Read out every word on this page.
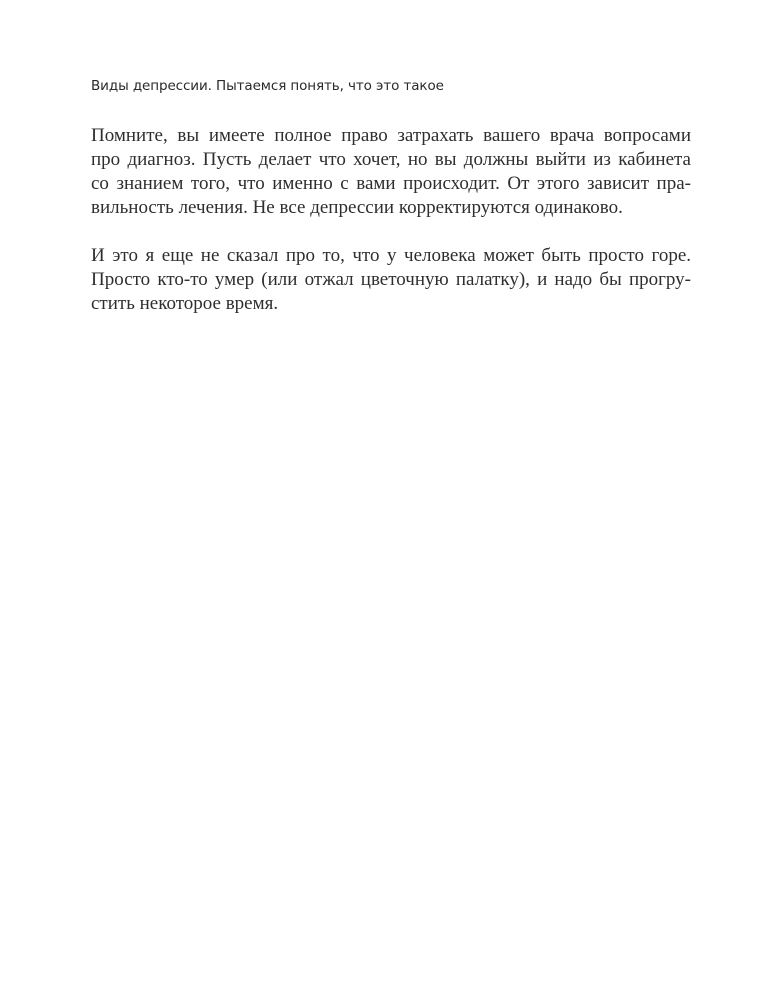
Виды депрессии. Пытаемся понять, что это такое
Помните, вы имеете полное право затрахать вашего врача вопросами
про диагноз. Пусть делает что хочет, но вы должны выйти из кабинета
со знанием того, что именно с вами происходит. От этого зависит пра-
вильность лечения. Не все депрессии корректируются одинаково.
И это я еще не сказал про то, что у человека может быть просто горе.
Просто кто-то умер (или отжал цветочную палатку), и надо бы прогру-
стить некоторое время.
